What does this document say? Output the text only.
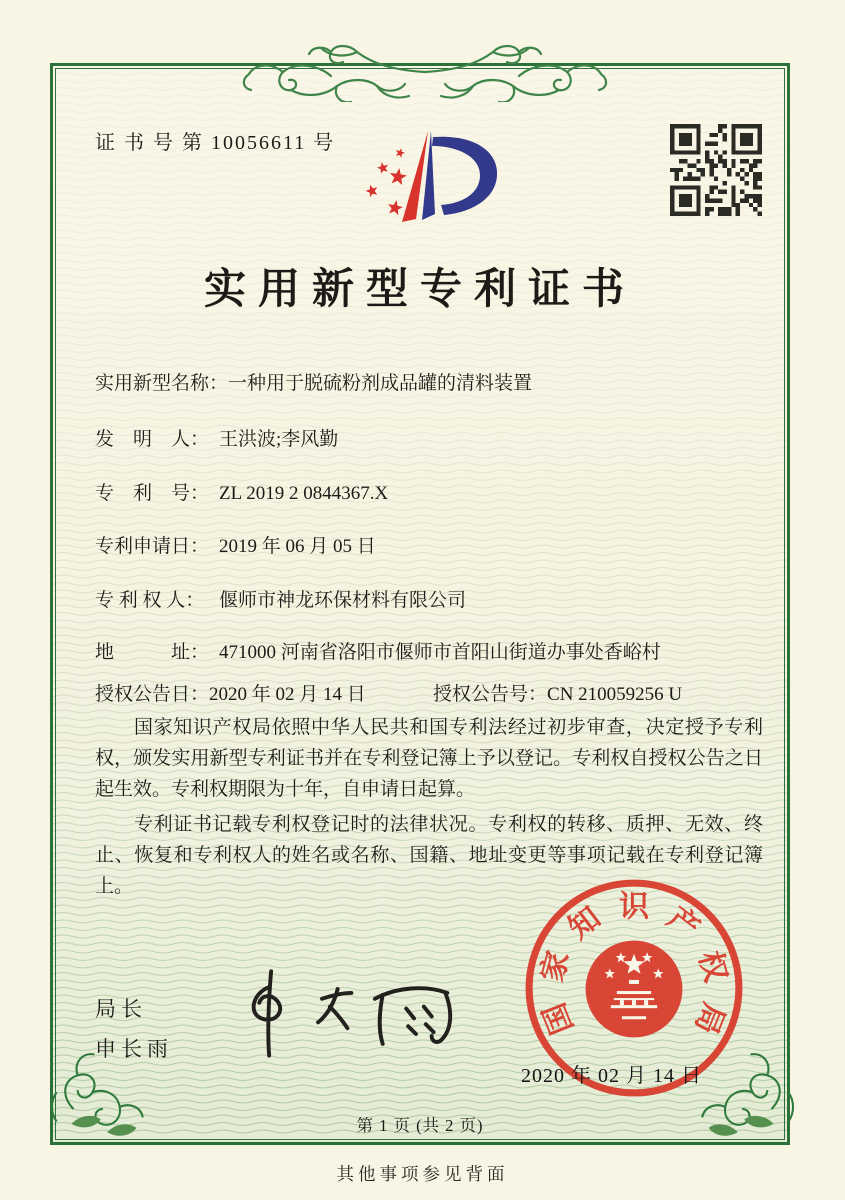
证 书 号 第 10056611 号
实用新型专利证书
实用新型名称：一种用于脱硫粉剂成品罐的清料装置
发　明　人： 王洪波;李风勤
专　利　号： ZL 2019 2 0844367.X
专利申请日： 2019 年 06 月 05 日
专 利 权 人： 偃师市神龙环保材料有限公司
地　　　址： 471000 河南省洛阳市偃师市首阳山街道办事处香峪村
授权公告日：2020 年 02 月 14 日	授权公告号：CN 210059256 U

国家知识产权局依照中华人民共和国专利法经过初步审查，决定授予专利权，颁发实用新型专利证书并在专利登记簿上予以登记。专利权自授权公告之日起生效。专利权期限为十年，自申请日起算。

专利证书记载专利权登记时的法律状况。专利权的转移、质押、无效、终止、恢复和专利权人的姓名或名称、国籍、地址变更等事项记载在专利登记簿上。

局长
申长雨
国
家
知 识 产
权
局
2020 年 02 月 14 日
第 1 页 (共 2 页)
其他事项参见背面
